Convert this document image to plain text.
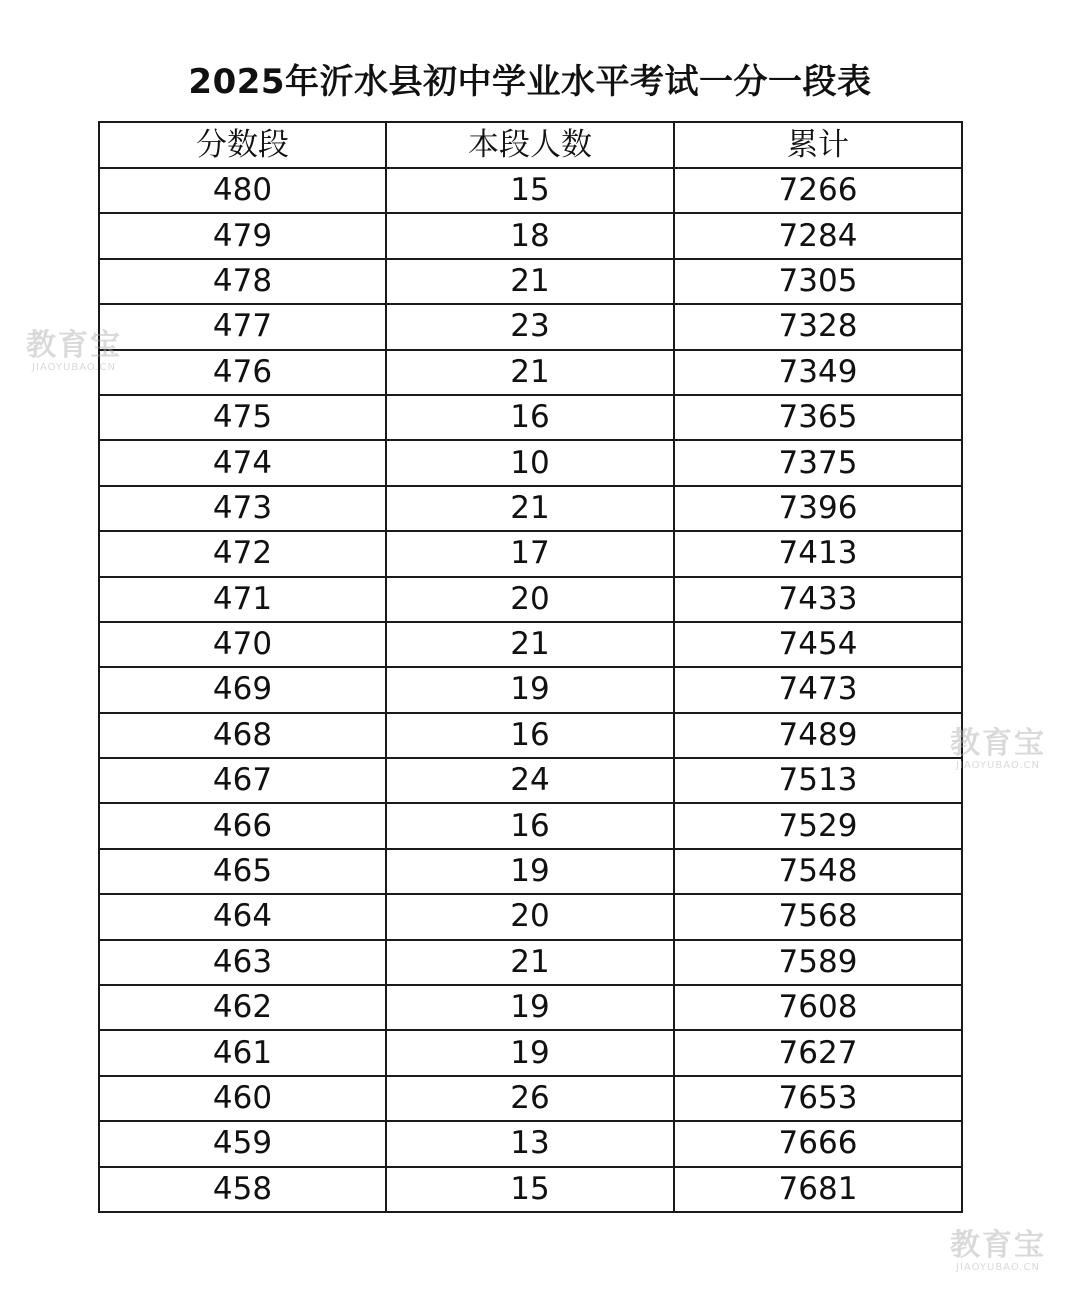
2025年沂水县初中学业水平考试一分一段表
分数段	本段人数	累计
480	15	7266
479	18	7284
478	21	7305
477	23	7328
476	21	7349
475	16	7365
474	10	7375
473	21	7396
472	17	7413
471	20	7433
470	21	7454
469	19	7473
468	16	7489
467	24	7513
466	16	7529
465	19	7548
464	20	7568
463	21	7589
462	19	7608
461	19	7627
460	26	7653
459	13	7666
458	15	7681
教育宝
JIAOYUBAO.CN
教育宝
JIAOYUBAO.CN
教育宝
JIAOYUBAO.CN
